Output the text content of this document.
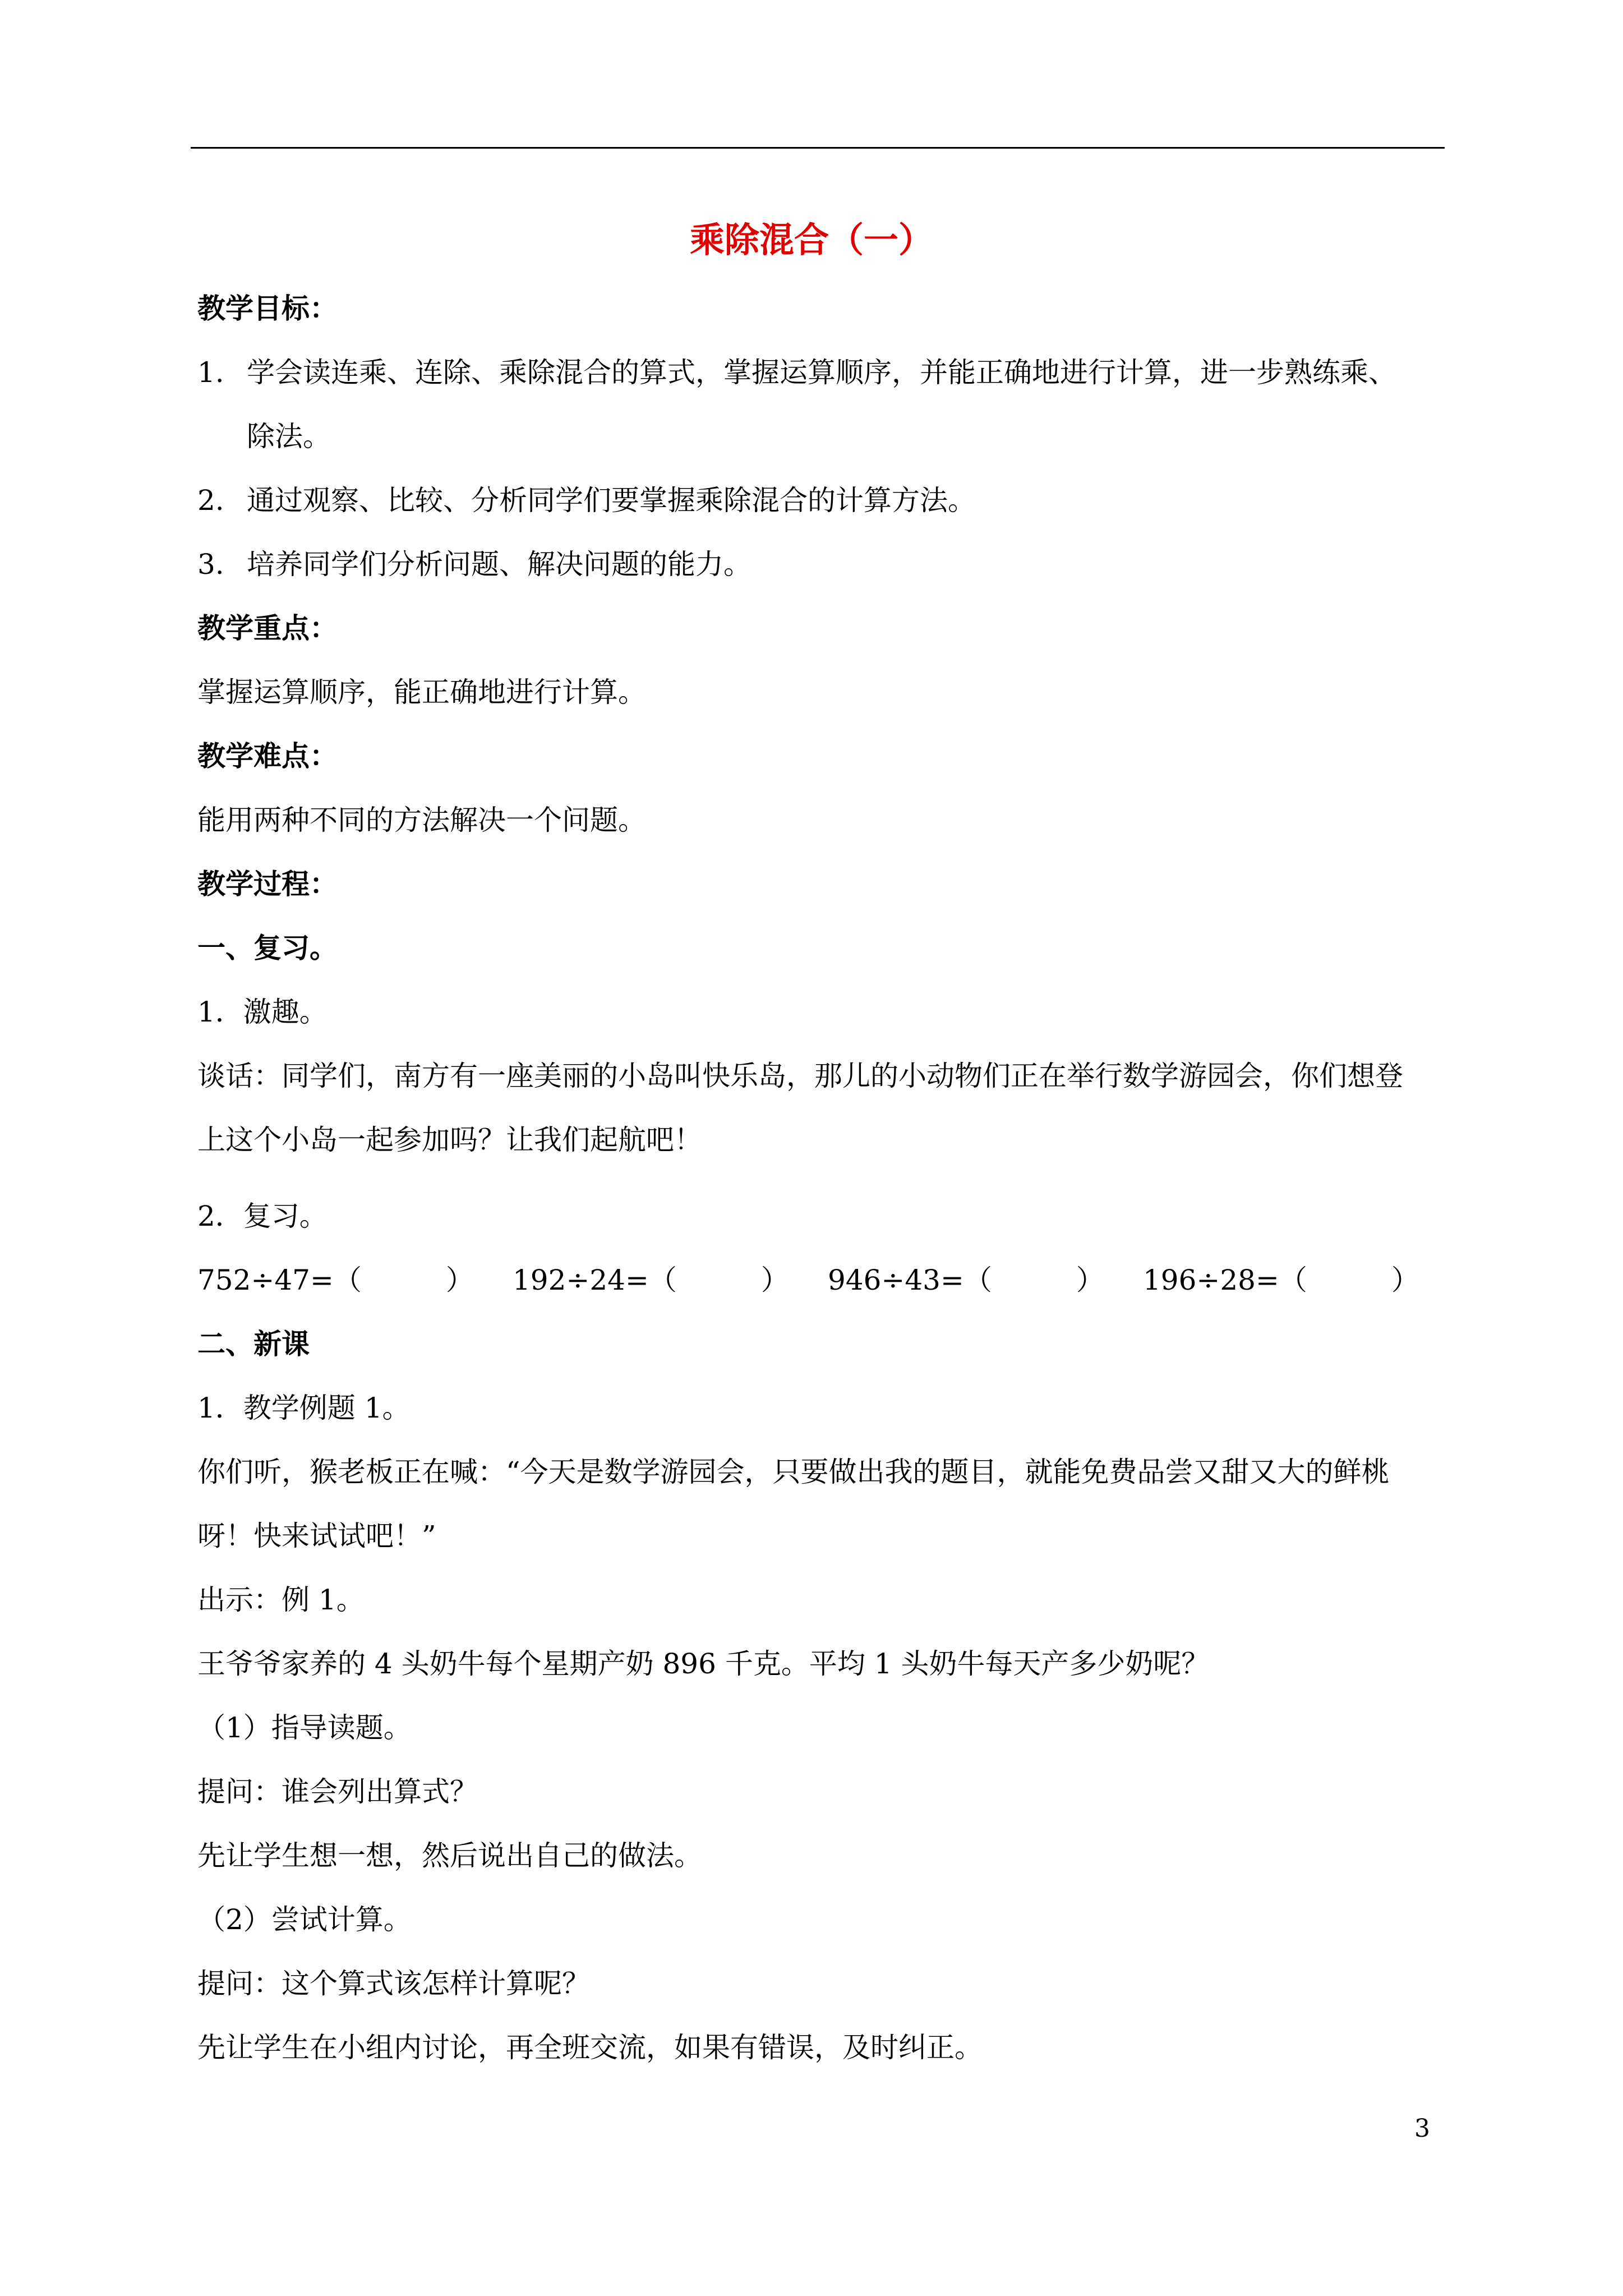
乘除混合（一）
教学目标：
1. 学会读连乘、连除、乘除混合的算式，掌握运算顺序，并能正确地进行计算，进一步熟练乘、
除法。
2. 通过观察、比较、分析同学们要掌握乘除混合的计算方法。
3. 培养同学们分析问题、解决问题的能力。
教学重点：
掌握运算顺序，能正确地进行计算。
教学难点：
能用两种不同的方法解决一个问题。
教学过程：
一、复习。
1．激趣。
谈话：同学们，南方有一座美丽的小岛叫快乐岛，那儿的小动物们正在举行数学游园会，你们想登
上这个小岛一起参加吗？让我们起航吧！
2．复习。
752÷47=（　　　） 192÷24=（　　　） 946÷43=（　　　） 196÷28=（　　　）
二、新课
1．教学例题 1。
你们听，猴老板正在喊：“今天是数学游园会，只要做出我的题目，就能免费品尝又甜又大的鲜桃
呀！快来试试吧！”
出示：例 1。
王爷爷家养的 4 头奶牛每个星期产奶 896 千克。平均 1 头奶牛每天产多少奶呢？
（1）指导读题。
提问：谁会列出算式？
先让学生想一想，然后说出自己的做法。
（2）尝试计算。
提问：这个算式该怎样计算呢？
先让学生在小组内讨论，再全班交流，如果有错误，及时纠正。
3
